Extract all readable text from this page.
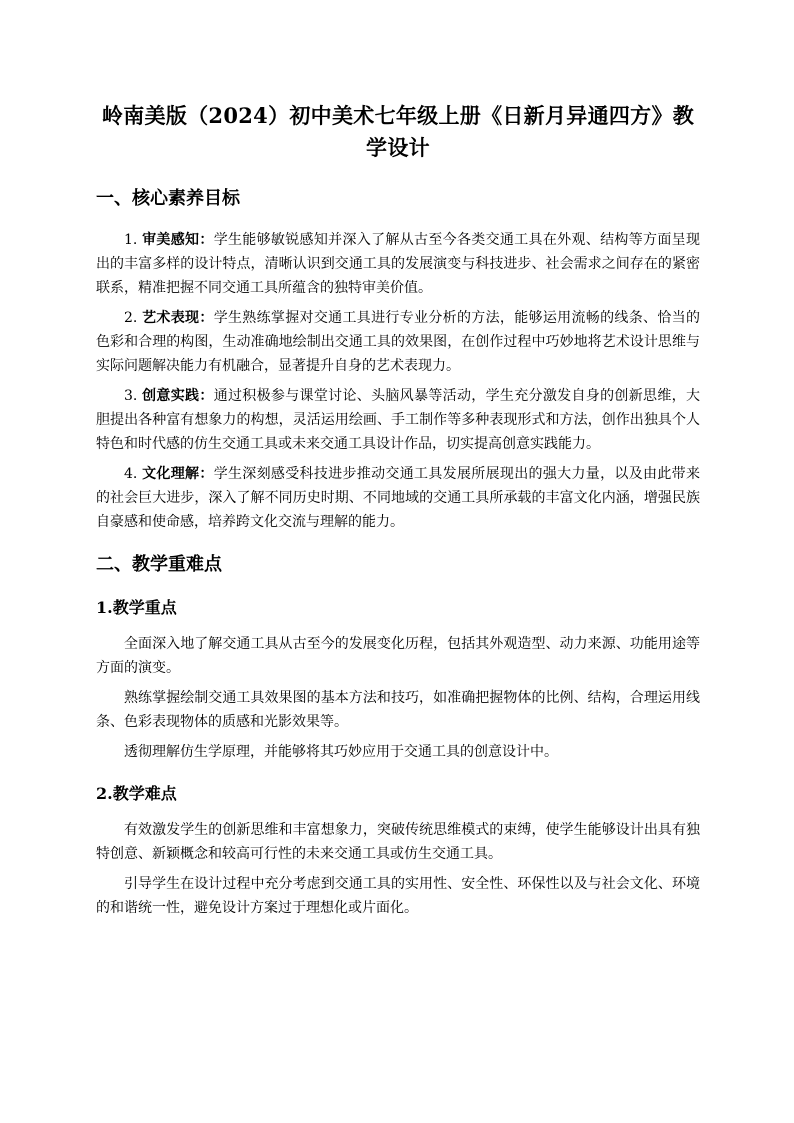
岭南美版（2024）初中美术七年级上册《日新月异通四方》教学设计
一、核心素养目标

1. 审美感知：学生能够敏锐感知并深入了解从古至今各类交通工具在外观、结构等方面呈现出的丰富多样的设计特点，清晰认识到交通工具的发展演变与科技进步、社会需求之间存在的紧密联系，精准把握不同交通工具所蕴含的独特审美价值。

2. 艺术表现：学生熟练掌握对交通工具进行专业分析的方法，能够运用流畅的线条、恰当的色彩和合理的构图，生动准确地绘制出交通工具的效果图，在创作过程中巧妙地将艺术设计思维与实际问题解决能力有机融合，显著提升自身的艺术表现力。

3. 创意实践：通过积极参与课堂讨论、头脑风暴等活动，学生充分激发自身的创新思维，大胆提出各种富有想象力的构想，灵活运用绘画、手工制作等多种表现形式和方法，创作出独具个人特色和时代感的仿生交通工具或未来交通工具设计作品，切实提高创意实践能力。

4. 文化理解：学生深刻感受科技进步推动交通工具发展所展现出的强大力量，以及由此带来的社会巨大进步，深入了解不同历史时期、不同地域的交通工具所承载的丰富文化内涵，增强民族自豪感和使命感，培养跨文化交流与理解的能力。

二、教学重难点
1.教学重点

全面深入地了解交通工具从古至今的发展变化历程，包括其外观造型、动力来源、功能用途等方面的演变。

熟练掌握绘制交通工具效果图的基本方法和技巧，如准确把握物体的比例、结构，合理运用线条、色彩表现物体的质感和光影效果等。

透彻理解仿生学原理，并能够将其巧妙应用于交通工具的创意设计中。

2.教学难点

有效激发学生的创新思维和丰富想象力，突破传统思维模式的束缚，使学生能够设计出具有独特创意、新颖概念和较高可行性的未来交通工具或仿生交通工具。

引导学生在设计过程中充分考虑到交通工具的实用性、安全性、环保性以及与社会文化、环境的和谐统一性，避免设计方案过于理想化或片面化。
